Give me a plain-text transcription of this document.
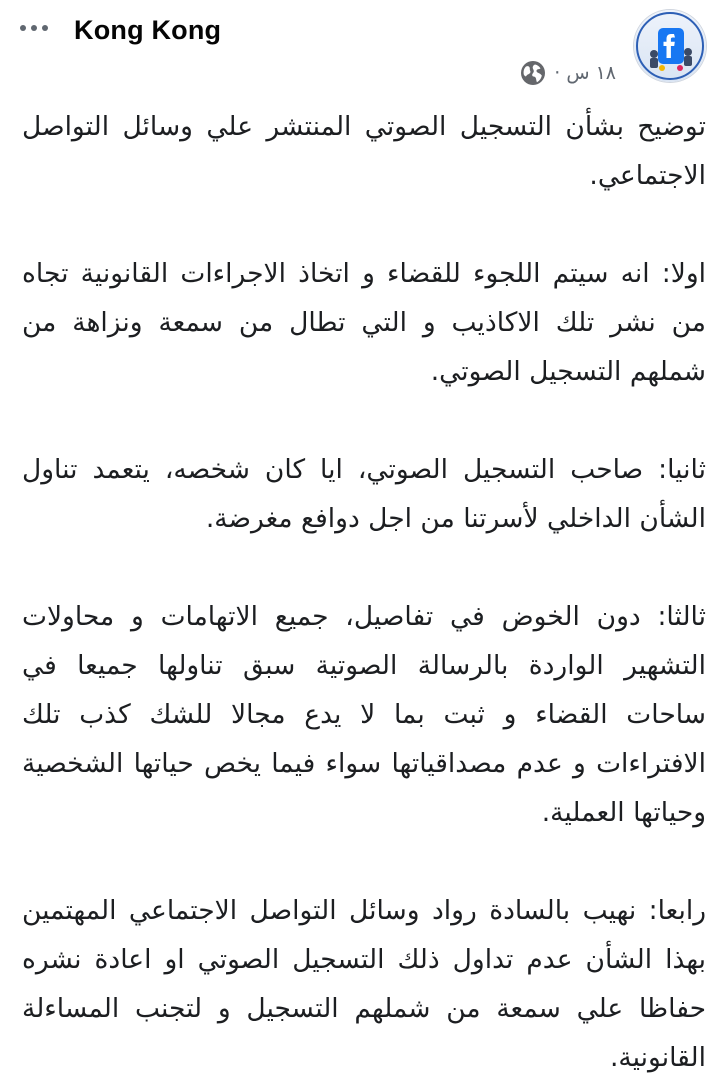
Kong Kong
١٨ س ·

توضيح بشأن التسجيل الصوتي المنتشر علي وسائل التواصل الاجتماعي.

اولا: انه سيتم اللجوء للقضاء و اتخاذ الاجراءات القانونية تجاه من نشر تلك الاكاذيب و التي تطال من سمعة ونزاهة من شملهم التسجيل الصوتي.

ثانيا: صاحب التسجيل الصوتي، ايا كان شخصه، يتعمد تناول الشأن الداخلي لأسرتنا من اجل دوافع مغرضة.

ثالثا: دون الخوض في تفاصيل، جميع الاتهامات و محاولات التشهير الواردة بالرسالة الصوتية سبق تناولها جميعا في ساحات القضاء و ثبت بما لا يدع مجالا للشك كذب تلك الافتراءات و عدم مصداقياتها سواء فيما يخص حياتها الشخصية وحياتها العملية.

رابعا: نهيب بالسادة رواد وسائل التواصل الاجتماعي المهتمين بهذا الشأن عدم تداول ذلك التسجيل الصوتي او اعادة نشره حفاظا علي سمعة من شملهم التسجيل و لتجنب المساءلة القانونية.
